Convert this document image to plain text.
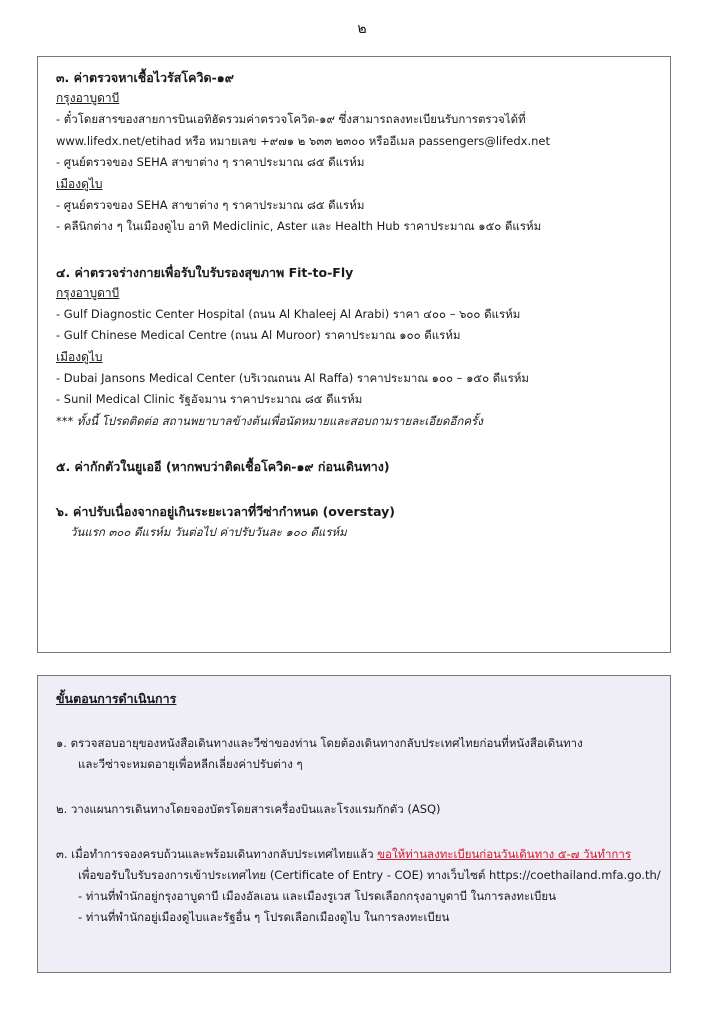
๒
๓. ค่าตรวจหาเชื้อไวรัสโควิด-๑๙
กรุงอาบูดาบี
- ตั๋วโดยสารของสายการบินเอทิฮัดรวมค่าตรวจโควิด-๑๙ ซึ่งสามารถลงทะเบียนรับการตรวจได้ที่
www.lifedx.net/etihad หรือ หมายเลข +๙๗๑ ๒ ๖๓๓ ๒๓๐๐ หรืออีเมล passengers@lifedx.net
- ศูนย์ตรวจของ SEHA สาขาต่าง ๆ ราคาประมาณ ๘๕ ดีแรห์ม
เมืองดูไบ
- ศูนย์ตรวจของ SEHA สาขาต่าง ๆ ราคาประมาณ ๘๕ ดีแรห์ม
- คลีนิกต่าง ๆ ในเมืองดูไบ อาทิ Mediclinic, Aster และ Health Hub ราคาประมาณ ๑๕๐ ดีแรห์ม
๔. ค่าตรวจร่างกายเพื่อรับใบรับรองสุขภาพ Fit-to-Fly
กรุงอาบูดาบี
- Gulf Diagnostic Center Hospital (ถนน Al Khaleej Al Arabi) ราคา ๔๐๐ – ๖๐๐ ดีแรห์ม
- Gulf Chinese Medical Centre (ถนน Al Muroor) ราคาประมาณ ๑๐๐ ดีแรห์ม
เมืองดูไบ
- Dubai Jansons Medical Center (บริเวณถนน Al Raffa) ราคาประมาณ ๑๐๐ – ๑๕๐ ดีแรห์ม
- Sunil Medical Clinic รัฐอัจมาน ราคาประมาณ ๘๕ ดีแรห์ม
*** ทั้งนี้ โปรดติดต่อ สถานพยาบาลข้างต้นเพื่อนัดหมายและสอบถามรายละเอียดอีกครั้ง
๕. ค่ากักตัวในยูเออี (หากพบว่าติดเชื้อโควิด-๑๙ ก่อนเดินทาง)
๖. ค่าปรับเนื่องจากอยู่เกินระยะเวลาที่วีซ่ากำหนด (overstay)
วันแรก ๓๐๐ ดีแรห์ม วันต่อไป ค่าปรับวันละ ๑๐๐ ดีแรห์ม
ขั้นตอนการดำเนินการ
๑. ตรวจสอบอายุของหนังสือเดินทางและวีซ่าของท่าน โดยต้องเดินทางกลับประเทศไทยก่อนที่หนังสือเดินทาง
และวีซ่าจะหมดอายุเพื่อหลีกเลี่ยงค่าปรับต่าง ๆ
๒. วางแผนการเดินทางโดยจองบัตรโดยสารเครื่องบินและโรงแรมกักตัว (ASQ)
๓. เมื่อทำการจองครบถ้วนและพร้อมเดินทางกลับประเทศไทยแล้ว ขอให้ท่านลงทะเบียนก่อนวันเดินทาง ๕-๗ วันทำการ
เพื่อขอรับใบรับรองการเข้าประเทศไทย (Certificate of Entry - COE) ทางเว็บไซต์ https://coethailand.mfa.go.th/
- ท่านที่พำนักอยู่กรุงอาบูดาบี เมืองอัลเอน และเมืองรูเวส โปรดเลือกกรุงอาบูดาบี ในการลงทะเบียน
- ท่านที่พำนักอยู่เมืองดูไบและรัฐอื่น ๆ โปรดเลือกเมืองดูไบ ในการลงทะเบียน
